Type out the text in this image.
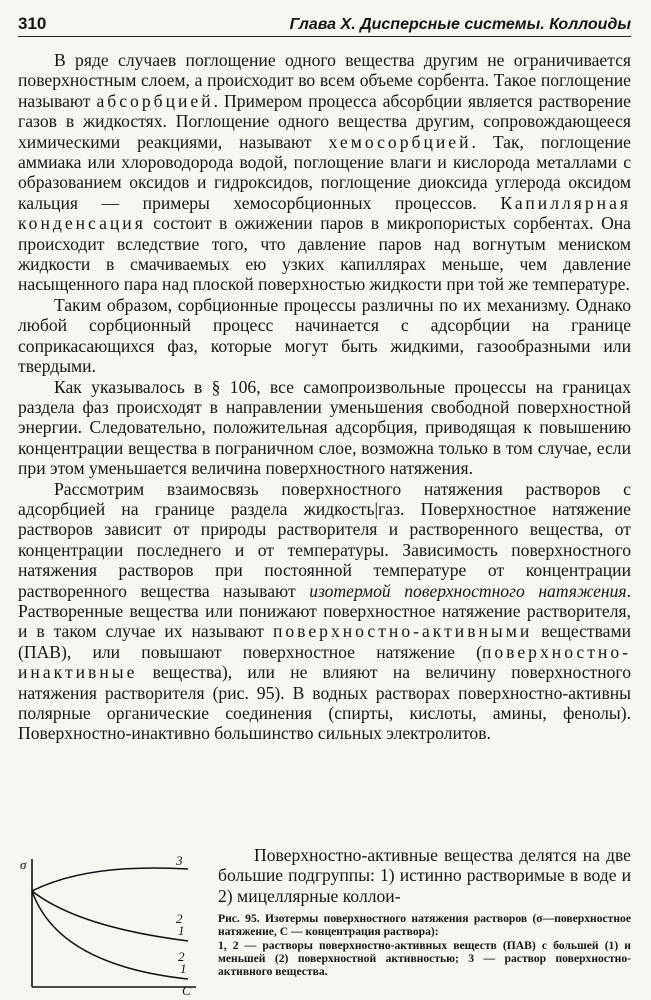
310	Глава X. Дисперсные системы. Коллоиды

В ряде случаев поглощение одного вещества другим не ограничивается поверхностным слоем, а происходит во всем объеме сорбента. Такое поглощение называют абсорбцией. Примером процесса абсорбции является растворение газов в жидкостях. Поглощение одного вещества другим, сопровождающееся химическими реакциями, называют хемосорбцией. Так, поглощение аммиака или хлороводорода водой, поглощение влаги и кислорода металлами с образованием оксидов и гидроксидов, поглощение диоксида углерода оксидом кальция — примеры хемосорбционных процессов. Капиллярная конденсация состоит в ожижении паров в микропористых сорбентах. Она происходит вследствие того, что давление паров над вогнутым мениском жидкости в смачиваемых ею узких капиллярах меньше, чем давление насыщенного пара над плоской поверхностью жидкости при той же температуре.

Таким образом, сорбционные процессы различны по их механизму. Однако любой сорбционный процесс начинается с адсорбции на границе соприкасающихся фаз, которые могут быть жидкими, газообразными или твердыми.

Как указывалось в § 106, все самопроизвольные процессы на границах раздела фаз происходят в направлении уменьшения свободной поверхностной энергии. Следовательно, положительная адсорбция, приводящая к повышению концентрации вещества в пограничном слое, возможна только в том случае, если при этом уменьшается величина поверхностного натяжения.

Рассмотрим взаимосвязь поверхностного натяжения растворов с адсорбцией на границе раздела жидкость|газ. Поверхностное натяжение растворов зависит от природы растворителя и растворенного вещества, от концентрации последнего и от температуры. Зависимость поверхностного натяжения растворов при постоянной температуре от концентрации растворенного вещества называют изотермой поверхностного натяжения. Растворенные вещества или понижают поверхностное натяжение растворителя, и в таком случае их называют поверхностно-активными веществами (ПАВ), или повышают поверхностное натяжение (поверхностно-инактивные вещества), или не влияют на величину поверхностного натяжения растворителя (рис. 95). В водных растворах поверхностно-активны полярные органические соединения (спирты, кислоты, амины, фенолы). Поверхностно-инактивно большинство сильных электролитов.

σ
C
3
2
1
2
1

Поверхностно-активные вещества делятся на две большие подгруппы: 1) истинно растворимые в воде и 2) мицеллярные коллои-

Рис. 95. Изотермы поверхностного натяжения растворов (σ—поверхностное натяжение, C — концентрация раствора):
1, 2 — растворы поверхностно-активных веществ (ПАВ) с большей (1) и меньшей (2) поверхностной активностью; 3 — раствор поверхностно-активного вещества.
